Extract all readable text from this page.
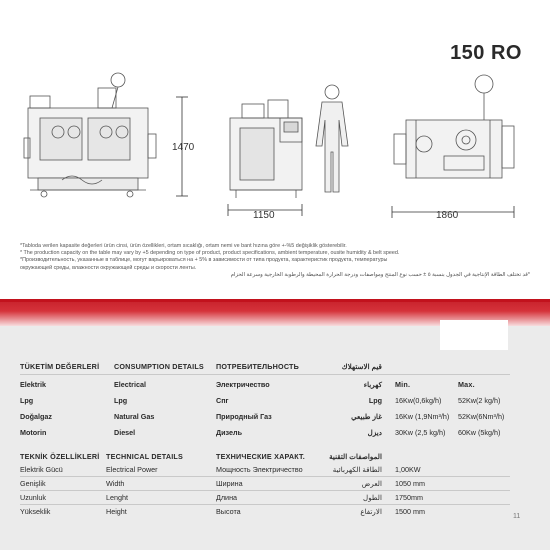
150 RO
1470
1150	1860
*Tabloda verilen kapasite değerleri ürün cinsi, ürün özellikleri, ortam sıcaklığı, ortam nemi ve bant hızına göre +-%5 değişiklik gösterebilir.
* The production capacity on the table may vary by +5 depending on type of product, product specifications, ambient temperature, ousite humidity & belt speed.
*Производительность, указанные в таблице, могут варьироваться на + 5% в зависимости от типа продукта, характеристик продукта, температуры
окружающей среды, влажности окружающей среды и скорости ленты.
*قد تختلف الطاقة الإنتاجية في الجدول بنسبة ٥ ± حسب نوع المنتج ومواصفات ودرجة الحرارة المحيطة والرطوبة الخارجية وسرعة الحزام
TÜKETİM DEĞERLERİ CONSUMPTION DETAILS ПОТРЕБИТЕЛЬНОСТЬ	قيم الاستهلاك
Min.	Max.
Elektrik	Electrical	Электричество	كهرباء
Lpg	Lpg	Спг	Lpg 16Kw(0,6kg/h) 52Kw(2 kg/h)
Doğalgaz	Natural Gas	Природный Газ	غاز طبيعي 16Kw (1,9Nm³/h) 52Kw(6Nm³/h)
Motorin	Diesel	Дизель	ديزل 30Kw (2,5 kg/h) 60Kw (5kg/h)
TEKNİK ÖZELLİKLERİ TECHNICAL DETAILS	ТЕХНИЧЕСКИЕ ХАРАКТ.	المواصفات التقنية
Elektrik Gücü	Electrical Power	Мощность Электричество	الطاقة الكهربائية 1,00KW
Genişlik	Width	Ширина	العرض 1050 mm
Uzunluk	Lenght	Длина	الطول 1750mm
Yükseklik	Height	Высота	الارتفاع 1500 mm
11
